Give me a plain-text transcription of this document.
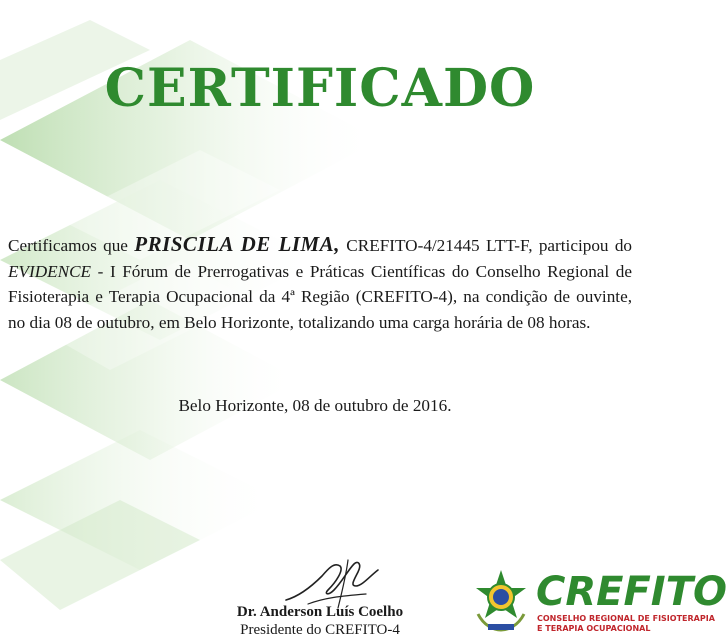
CERTIFICADO

Certificamos que PRISCILA DE LIMA, CREFITO-4/21445 LTT-F, participou do EVIDENCE - I Fórum de Prerrogativas e Práticas Científicas do Conselho Regional de Fisioterapia e Terapia Ocupacional da 4ª Região (CREFITO-4), na condição de ouvinte, no dia 08 de outubro, em Belo Horizonte, totalizando uma carga horária de 08 horas.

Belo Horizonte, 08 de outubro de 2016.
Dr. Anderson Luís Coelho
Presidente do CREFITO-4
CREFITO
CONSELHO REGIONAL DE FISIOTERAPIA
E TERAPIA OCUPACIONAL
